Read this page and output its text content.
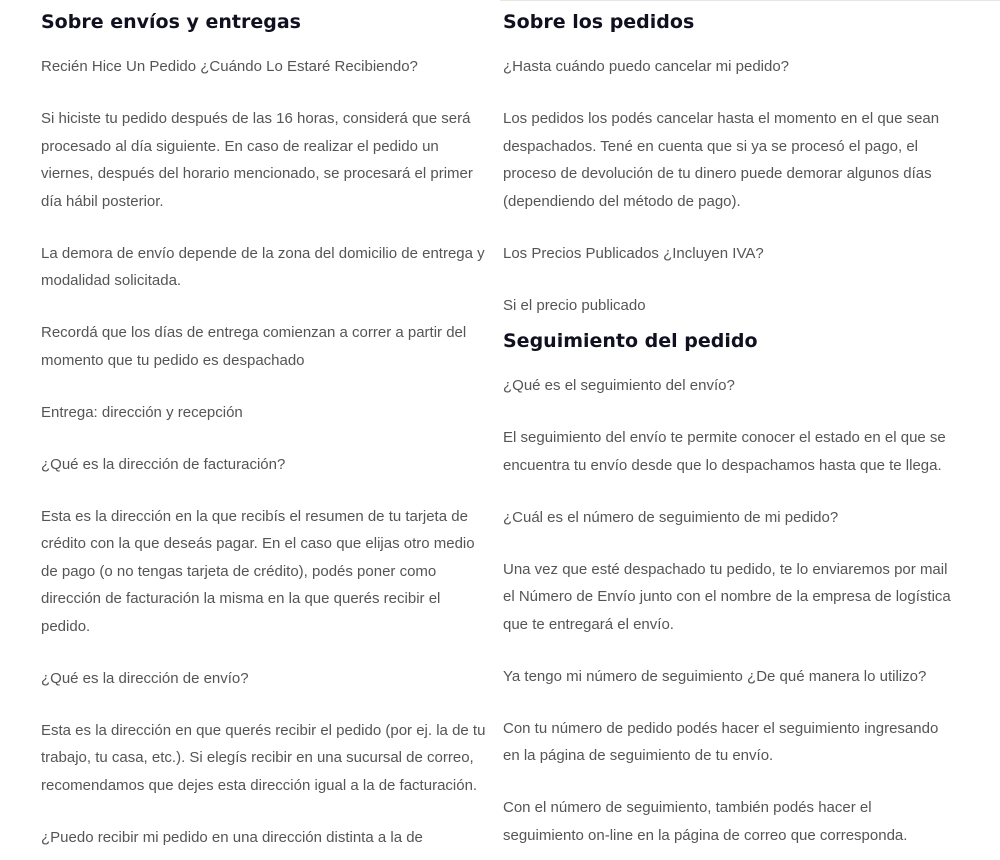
Sobre envíos y entregas

Recién Hice Un Pedido ¿Cuándo Lo Estaré Recibiendo?

Si hiciste tu pedido después de las 16 horas, considerá que será procesado al día siguiente. En caso de realizar el pedido un viernes, después del horario mencionado, se procesará el primer día hábil posterior.

La demora de envío depende de la zona del domicilio de entrega y modalidad solicitada.

Recordá que los días de entrega comienzan a correr a partir del momento que tu pedido es despachado

Entrega: dirección y recepción

¿Qué es la dirección de facturación?

Esta es la dirección en la que recibís el resumen de tu tarjeta de crédito con la que deseás pagar. En el caso que elijas otro medio de pago (o no tengas tarjeta de crédito), podés poner como dirección de facturación la misma en la que querés recibir el pedido.

¿Qué es la dirección de envío?

Esta es la dirección en que querés recibir el pedido (por ej. la de tu trabajo, tu casa, etc.). Si elegís recibir en una sucursal de correo, recomendamos que dejes esta dirección igual a la de facturación.

¿Puedo recibir mi pedido en una dirección distinta a la de

Sobre los pedidos

¿Hasta cuándo puedo cancelar mi pedido?

Los pedidos los podés cancelar hasta el momento en el que sean despachados. Tené en cuenta que si ya se procesó el pago, el proceso de devolución de tu dinero puede demorar algunos días (dependiendo del método de pago).

Los Precios Publicados ¿Incluyen IVA?

Si el precio publicado

Seguimiento del pedido

¿Qué es el seguimiento del envío?

El seguimiento del envío te permite conocer el estado en el que se encuentra tu envío desde que lo despachamos hasta que te llega.

¿Cuál es el número de seguimiento de mi pedido?

Una vez que esté despachado tu pedido, te lo enviaremos por mail el Número de Envío junto con el nombre de la empresa de logística que te entregará el envío.

Ya tengo mi número de seguimiento ¿De qué manera lo utilizo?

Con tu número de pedido podés hacer el seguimiento ingresando en la página de seguimiento de tu envío.

Con el número de seguimiento, también podés hacer el seguimiento on-line en la página de correo que corresponda.
